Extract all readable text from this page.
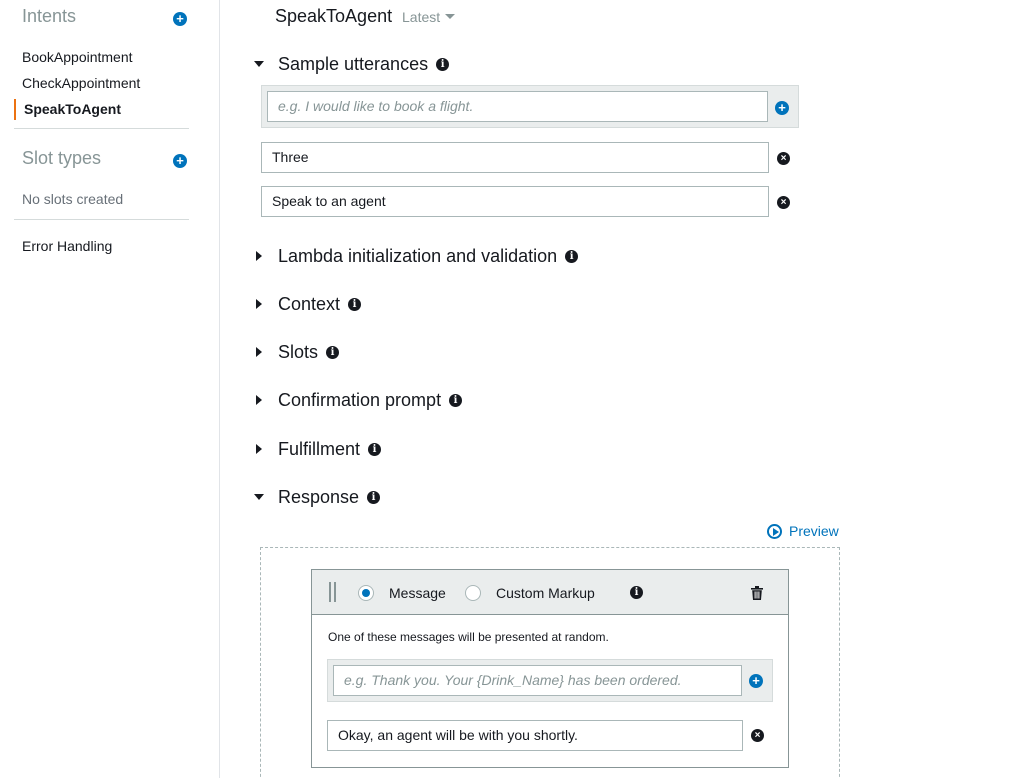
Intents	+
BookAppointment
CheckAppointment
SpeakToAgent
Slot types	+
No slots created
Error Handling
SpeakToAgent Latest
Sample utterances	i
e.g. I would like to book a flight.	+
Three	×
Speak to an agent	×
Lambda initialization and validation	i
Context	i
Slots	i
Confirmation prompt	i
Fulfillment	i
Response	i
Preview
Message	Custom Markup	i
One of these messages will be presented at random.
e.g. Thank you. Your {Drink_Name} has been ordered.	+
Okay, an agent will be with you shortly.	×
